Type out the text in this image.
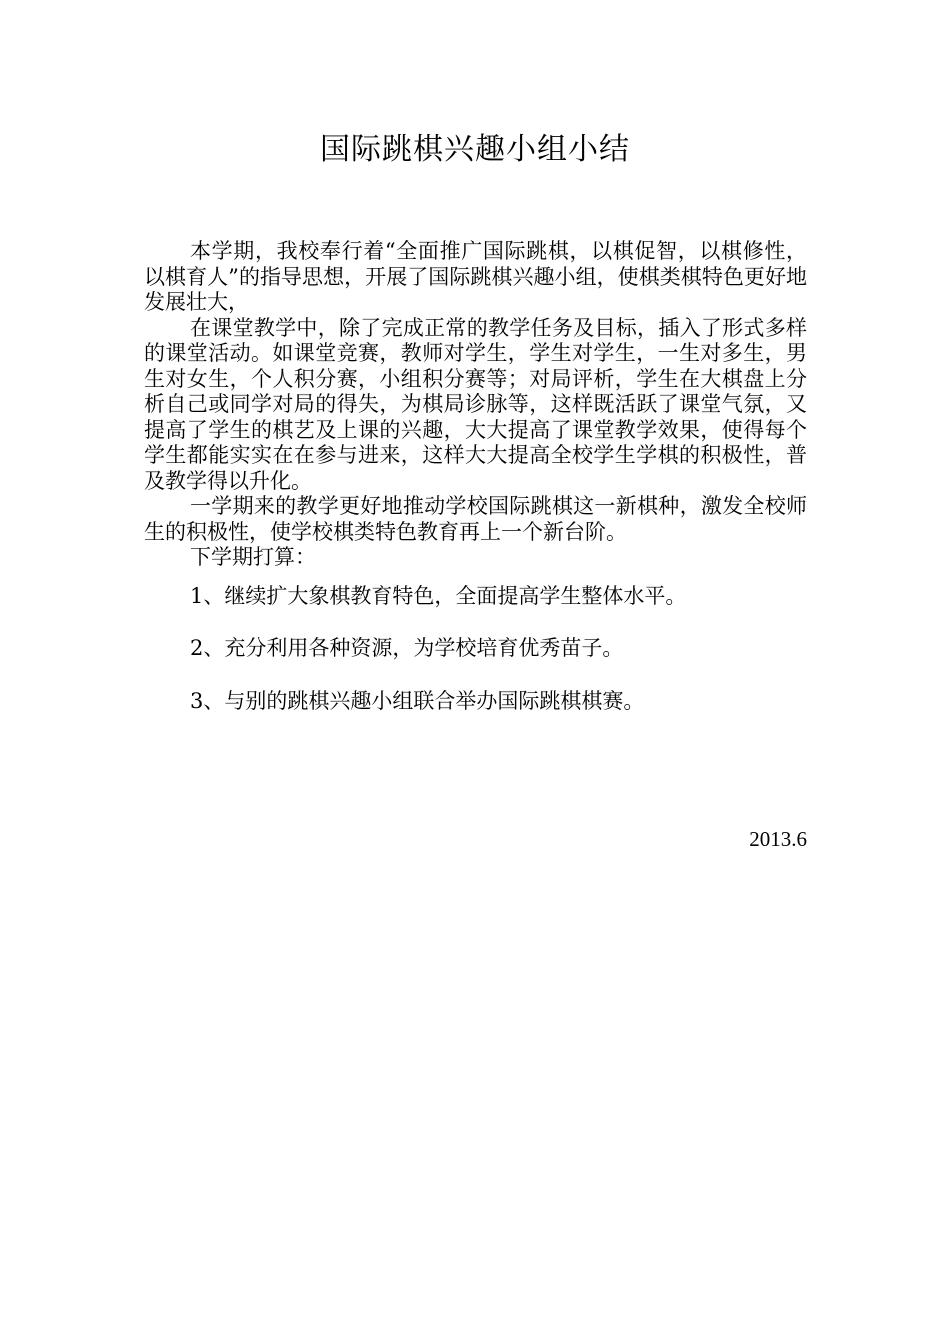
国际跳棋兴趣小组小结

本学期，我校奉行着“全面推广国际跳棋，以棋促智，以棋修性，以棋育人”的指导思想，开展了国际跳棋兴趣小组，使棋类棋特色更好地发展壮大，

在课堂教学中，除了完成正常的教学任务及目标，插入了形式多样的课堂活动。如课堂竞赛，教师对学生，学生对学生，一生对多生，男生对女生，个人积分赛，小组积分赛等；对局评析，学生在大棋盘上分析自己或同学对局的得失，为棋局诊脉等，这样既活跃了课堂气氛，又提高了学生的棋艺及上课的兴趣，大大提高了课堂教学效果，使得每个学生都能实实在在参与进来，这样大大提高全校学生学棋的积极性，普及教学得以升化。

一学期来的教学更好地推动学校国际跳棋这一新棋种，激发全校师生的积极性，使学校棋类特色教育再上一个新台阶。

下学期打算：

1、继续扩大象棋教育特色，全面提高学生整体水平。
2、充分利用各种资源，为学校培育优秀苗子。
3、与别的跳棋兴趣小组联合举办国际跳棋棋赛。
2013.6
